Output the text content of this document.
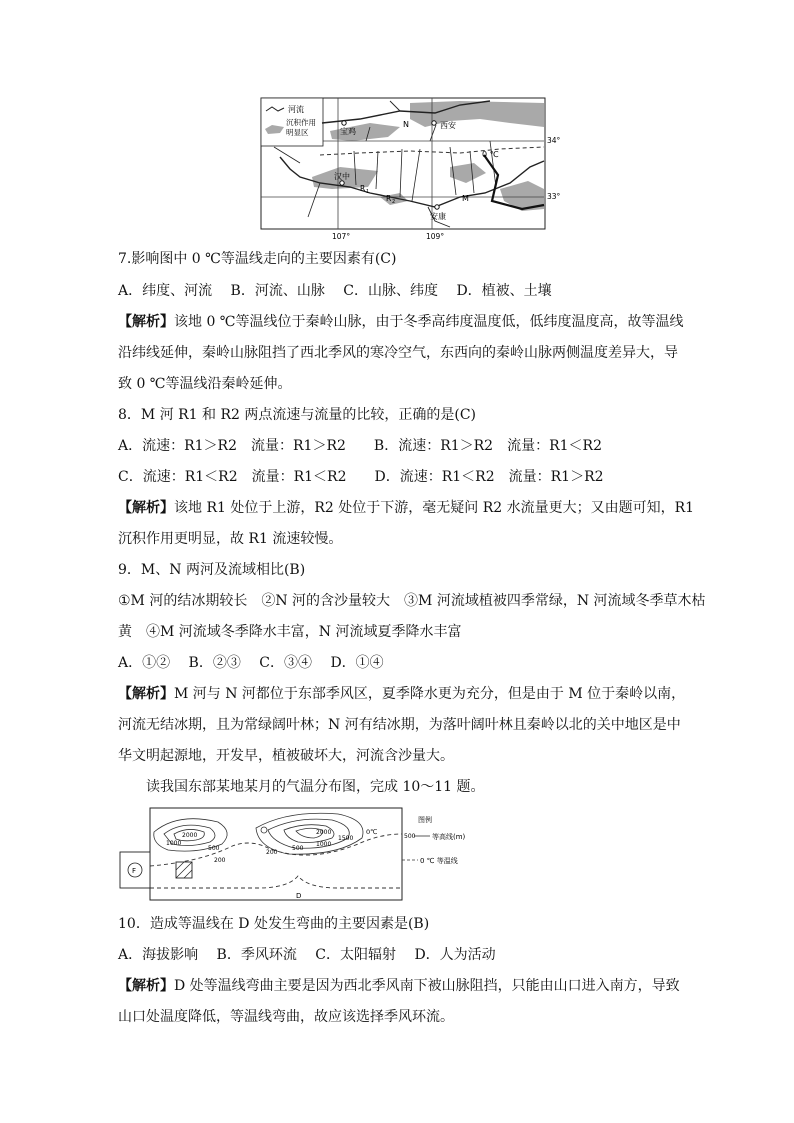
河流
沉积作用
明显区	宝鸡
西安
N
汉中
R 1
R 2
安康
M
0 ℃
34°
33°
107°	109°
7.影响图中 0 ℃等温线走向的主要因素有(C)
A．纬度、河流　 B．河流、山脉　 C．山脉、纬度　 D．植被、土壤
【解析】该地 0 ℃等温线位于秦岭山脉，由于冬季高纬度温度低，低纬度温度高，故等温线
沿纬线延伸，秦岭山脉阻挡了西北季风的寒冷空气，东西向的秦岭山脉两侧温度差异大，导
致 0 ℃等温线沿秦岭延伸。
8．M 河 R1 和 R2 两点流速与流量的比较，正确的是(C)
A．流速：R1＞R2　流量：R1＞R2　　B．流速：R1＞R2　流量：R1＜R2
C．流速：R1＜R2　流量：R1＜R2　　D．流速：R1＜R2　流量：R1＞R2
【解析】该地 R1 处位于上游，R2 处位于下游，毫无疑问 R2 水流量更大；又由题可知，R1
沉积作用更明显，故 R1 流速较慢。
9．M、N 两河及流域相比(B)
①M 河的结冰期较长　②N 河的含沙量较大　③M 河流域植被四季常绿，N 河流域冬季草木枯
黄　④M 河流域冬季降水丰富，N 河流域夏季降水丰富
A．①②　 B．②③　 C．③④　 D．①④
【解析】M 河与 N 河都位于东部季风区，夏季降水更为充分，但是由于 M 位于秦岭以南，
河流无结冰期，且为常绿阔叶林；N 河有结冰期，为落叶阔叶林且秦岭以北的关中地区是中
华文明起源地，开发早，植被破坏大，河流含沙量大。
读我国东部某地某月的气温分布图，完成 10～11 题。
F
D
0℃
2000
1000
500
200
2000
1500
1000
500
200
图例
500 等高线(m)
0 ℃ 等温线
10．造成等温线在 D 处发生弯曲的主要因素是(B)
A．海拔影响　 B．季风环流　 C．太阳辐射　 D．人为活动
【解析】D 处等温线弯曲主要是因为西北季风南下被山脉阻挡，只能由山口进入南方，导致
山口处温度降低，等温线弯曲，故应该选择季风环流。
